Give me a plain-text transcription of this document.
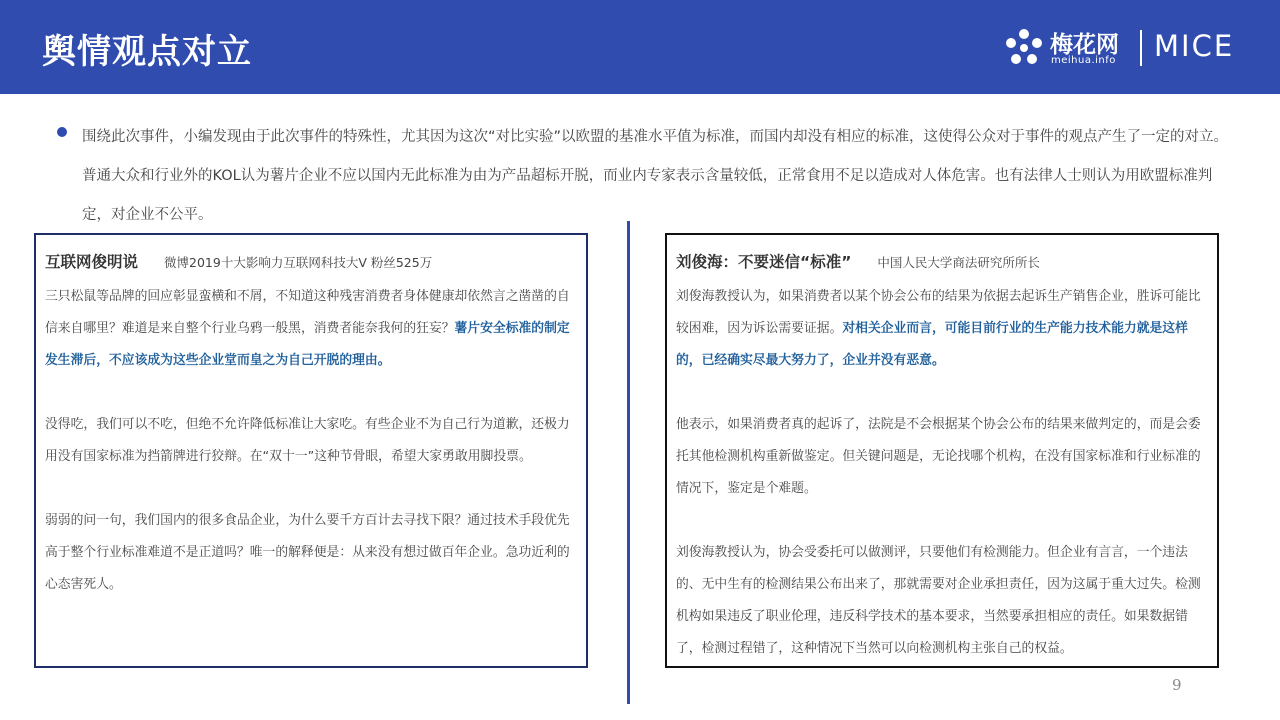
舆情观点对立	梅花网
meihua.info MICE
围绕此次事件，小编发现由于此次事件的特殊性，尤其因为这次“对比实验”以欧盟的基准水平值为标准，而国内却没有相应的标准，这使得公众对于事件的观点产生了一定的对立。普通大众和行业外的KOL认为薯片企业不应以国内无此标准为由为产品超标开脱，而业内专家表示含量较低，正常食用不足以造成对人体危害。也有法律人士则认为用欧盟标准判定，对企业不公平。
互联网俊明说 微博2019十大影响力互联网科技大V 粉丝525万

三只松鼠等品牌的回应彰显蛮横和不屑，不知道这种残害消费者身体健康却依然言之凿凿的自信来自哪里？难道是来自整个行业乌鸦一般黑，消费者能奈我何的狂妄？薯片安全标准的制定发生滞后，不应该成为这些企业堂而皇之为自己开脱的理由。

没得吃，我们可以不吃，但绝不允许降低标准让大家吃。有些企业不为自己行为道歉，还极力用没有国家标准为挡箭牌进行狡辩。在“双十一”这种节骨眼，希望大家勇敢用脚投票。

弱弱的问一句，我们国内的很多食品企业，为什么要千方百计去寻找下限？通过技术手段优先高于整个行业标准难道不是正道吗？唯一的解释便是：从来没有想过做百年企业。急功近利的心态害死人。

刘俊海：不要迷信“标准” 中国人民大学商法研究所所长

刘俊海教授认为，如果消费者以某个协会公布的结果为依据去起诉生产销售企业，胜诉可能比较困难，因为诉讼需要证据。对相关企业而言，可能目前行业的生产能力技术能力就是这样的，已经确实尽最大努力了，企业并没有恶意。

他表示，如果消费者真的起诉了，法院是不会根据某个协会公布的结果来做判定的，而是会委托其他检测机构重新做鉴定。但关键问题是，无论找哪个机构，在没有国家标准和行业标准的情况下，鉴定是个难题。

刘俊海教授认为，协会受委托可以做测评，只要他们有检测能力。但企业有言言，一个违法的、无中生有的检测结果公布出来了，那就需要对企业承担责任，因为这属于重大过失。检测机构如果违反了职业伦理，违反科学技术的基本要求，当然要承担相应的责任。如果数据错了，检测过程错了，这种情况下当然可以向检测机构主张自己的权益。

9
